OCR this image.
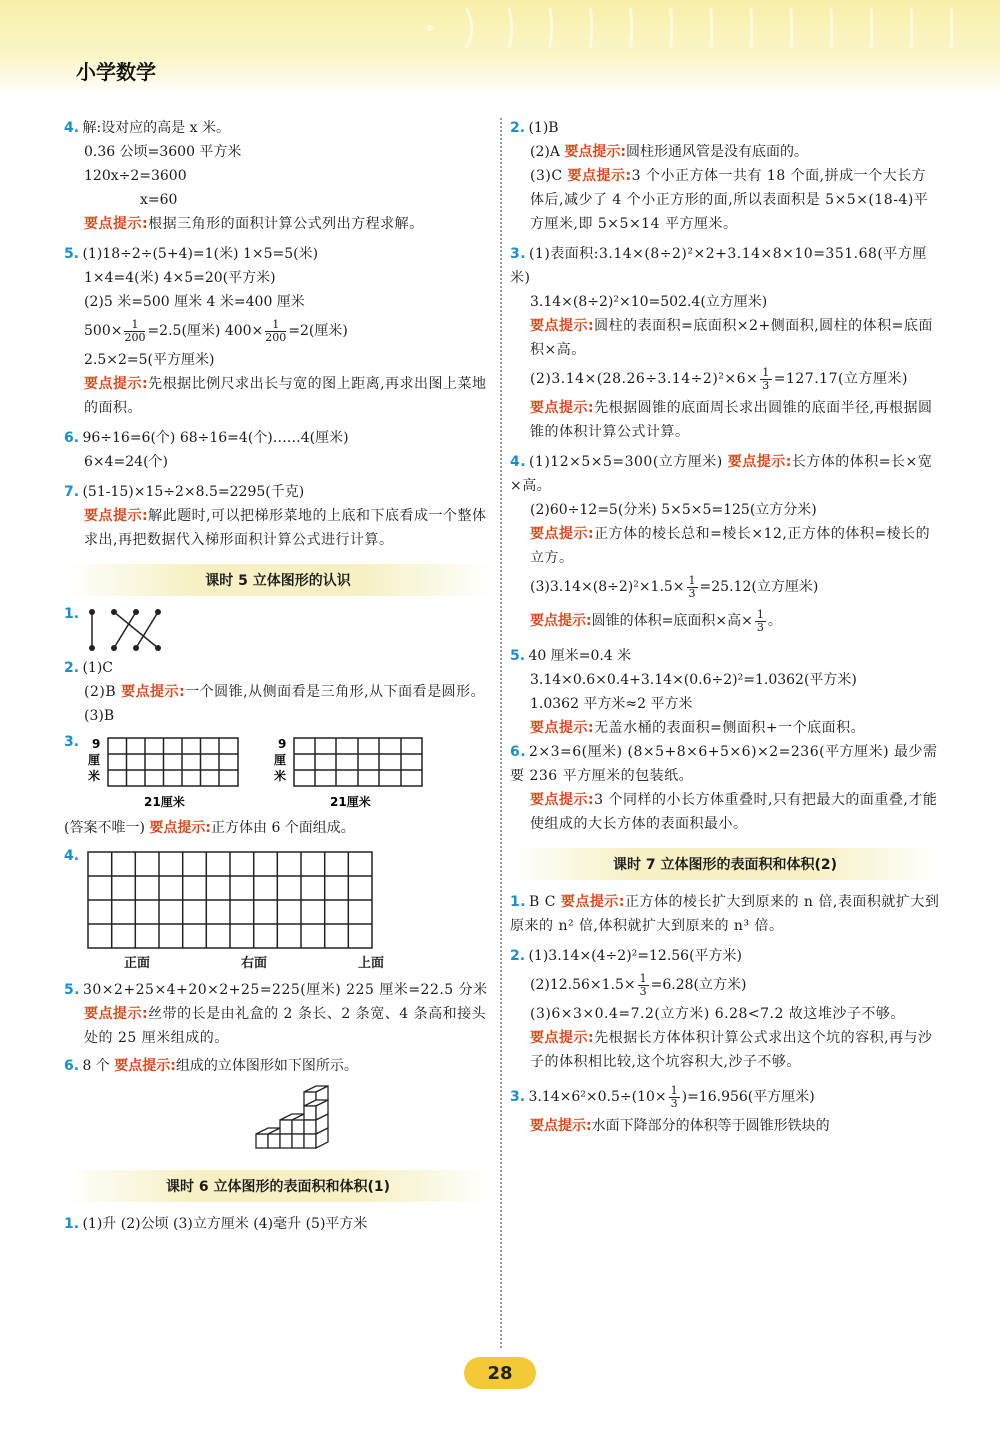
小学数学
4. 解:设对应的高是 x 米。
0.36 公顷=3600 平方米
120x÷2=3600
x=60
要点提示:根据三角形的面积计算公式列出方程求解。
5. (1)18÷2÷(5+4)=1(米) 1×5=5(米)
1×4=4(米) 4×5=20(平方米)
(2)5 米=500 厘米 4 米=400 厘米
$500\times \frac{1}{200} =2.5$(厘米) $400\times \frac{1}{200} =2$(厘米)
2.5×2=5(平方厘米)
要点提示:先根据比例尺求出长与宽的图上距离,再求出图上菜地的面积。
6. 96÷16=6(个) 68÷16=4(个)……4(厘米)
6×4=24(个)
7. (51-15)×15÷2×8.5=2295(千克)
要点提示:解此题时,可以把梯形菜地的上底和下底看成一个整体求出,再把数据代入梯形面积计算公式进行计算。
课时 5 立体图形的认识
1.
2. (1)C
(2)B 要点提示:一个圆锥,从侧面看是三角形,从下面看是圆形。
(3)B
3. 9
厘
米
21厘米
9
厘
米
21厘米
(答案不唯一) 要点提示:正方体由 6 个面组成。
4.
正面	右面	上面
5. 30×2+25×4+20×2+25=225(厘米) 225 厘米=22.5 分米
要点提示:丝带的长是由礼盒的 2 条长、2 条宽、4 条高和接头处的 25 厘米组成的。
6. 8 个 要点提示:组成的立体图形如下图所示。
课时 6 立体图形的表面积和体积(1)
1. (1)升 (2)公顷 (3)立方厘米 (4)毫升 (5)平方米
2. (1)B
(2)A 要点提示:圆柱形通风管是没有底面的。
(3)C 要点提示:3 个小正方体一共有 18 个面,拼成一个大长方体后,减少了 4 个小正方形的面,所以表面积是 5×5×(18-4)平方厘米,即 5×5×14 平方厘米。
3. (1)表面积:3.14×(8÷2)²×2+3.14×8×10=351.68(平方厘米)
3.14×(8÷2)²×10=502.4(立方厘米)
要点提示:圆柱的表面积=底面积×2+侧面积,圆柱的体积=底面积×高。
$(2)3.14\times(28.26\div 3.14\div 2)^2\times 6\times \frac{1}{3} =127.17$(立方厘米)
要点提示:先根据圆锥的底面周长求出圆锥的底面半径,再根据圆锥的体积计算公式计算。
4. (1)12×5×5=300(立方厘米) 要点提示:长方体的体积=长×宽×高。
(2)60÷12=5(分米) 5×5×5=125(立方分米)
要点提示:正方体的棱长总和=棱长×12,正方体的体积=棱长的立方。
$(3)3.14\times(8\div 2)^2\times 1.5\times \frac{1}{3} =25.12$(立方厘米)
要点提示:圆锥的体积=底面积×高× $\frac{1}{3}$ 。
5. 40 厘米=0.4 米
3.14×0.6×0.4+3.14×(0.6÷2)²=1.0362(平方米)
1.0362 平方米≈2 平方米
要点提示:无盖水桶的表面积=侧面积+一个底面积。
6. 2×3=6(厘米) (8×5+8×6+5×6)×2=236(平方厘米) 最少需要 236 平方厘米的包装纸。
要点提示:3 个同样的小长方体重叠时,只有把最大的面重叠,才能使组成的大长方体的表面积最小。
课时 7 立体图形的表面积和体积(2)
1. B C 要点提示:正方体的棱长扩大到原来的 n 倍,表面积就扩大到原来的 n² 倍,体积就扩大到原来的 n³ 倍。
2. (1)3.14×(4÷2)²=12.56(平方米)
$(2)12.56\times 1.5\times \frac{1}{3} =6.28$(立方米)
(3)6×3×0.4=7.2(立方米) 6.28<7.2 故这堆沙子不够。
要点提示:先根据长方体体积计算公式求出这个坑的容积,再与沙子的体积相比较,这个坑容积大,沙子不够。
3. $3.14\times 6^2\times 0.5\div(10\times \frac{1}{3} )=16.956$(平方厘米)
要点提示:水面下降部分的体积等于圆锥形铁块的
28
